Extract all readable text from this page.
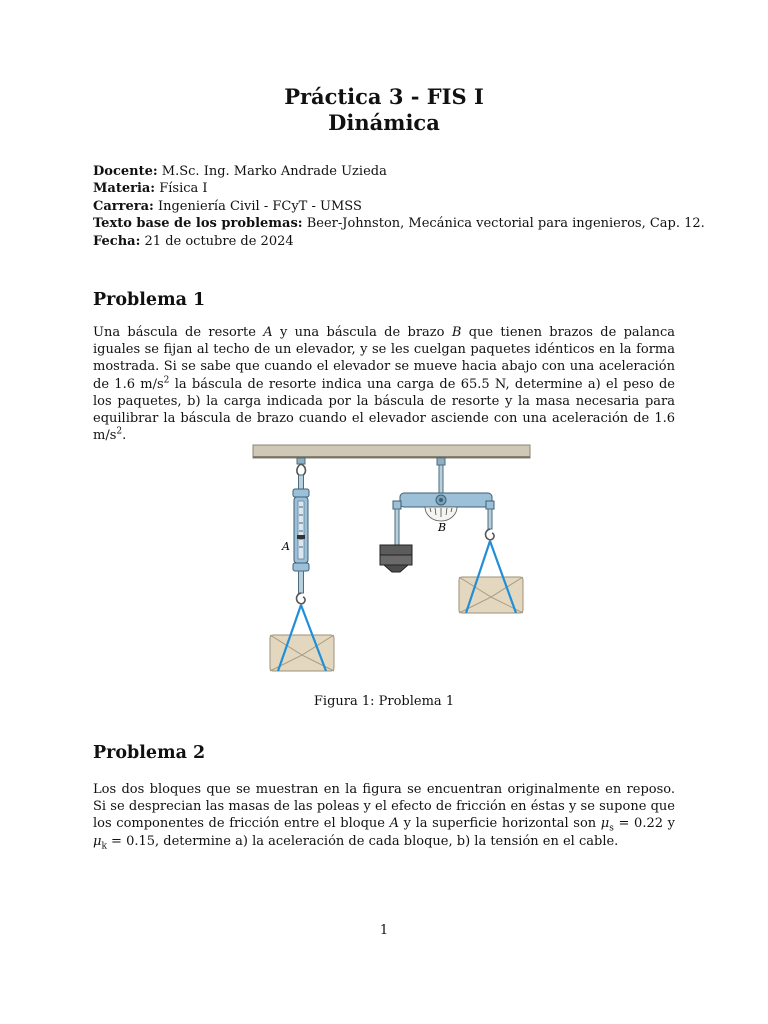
Práctica 3 - FIS I
Dinámica
Docente: M.Sc. Ing. Marko Andrade Uzieda
Materia: Física I
Carrera: Ingeniería Civil - FCyT - UMSS
Texto base de los problemas: Beer-Johnston, Mecánica vectorial para ingenieros, Cap. 12.
Fecha: 21 de octubre de 2024
Problema 1
Una báscula de resorte A y una báscula de brazo B que tienen brazos de palanca iguales se fijan al techo de un elevador, y se les cuelgan paquetes idénticos en la forma mostrada. Si se sabe que cuando el elevador se mueve hacia abajo con una aceleración de 1.6 $m/s^2$ la báscula de resorte indica una carga de 65.5 N, determine a) el peso de los paquetes, b) la carga indicada por la báscula de resorte y la masa necesaria para equilibrar la báscula de brazo cuando el elevador asciende con una aceleración de 1.6 $m/s^2$.
A
B
Figura 1: Problema 1
Problema 2
Los dos bloques que se muestran en la figura se encuentran originalmente en reposo. Si se desprecian las masas de las poleas y el efecto de fricción en éstas y se supone que los componentes de fricción entre el bloque A y la superficie horizontal son $\mu_s = 0.22$ y $\mu_k = 0.15$, determine a) la aceleración de cada bloque, b) la tensión en el cable.
1
